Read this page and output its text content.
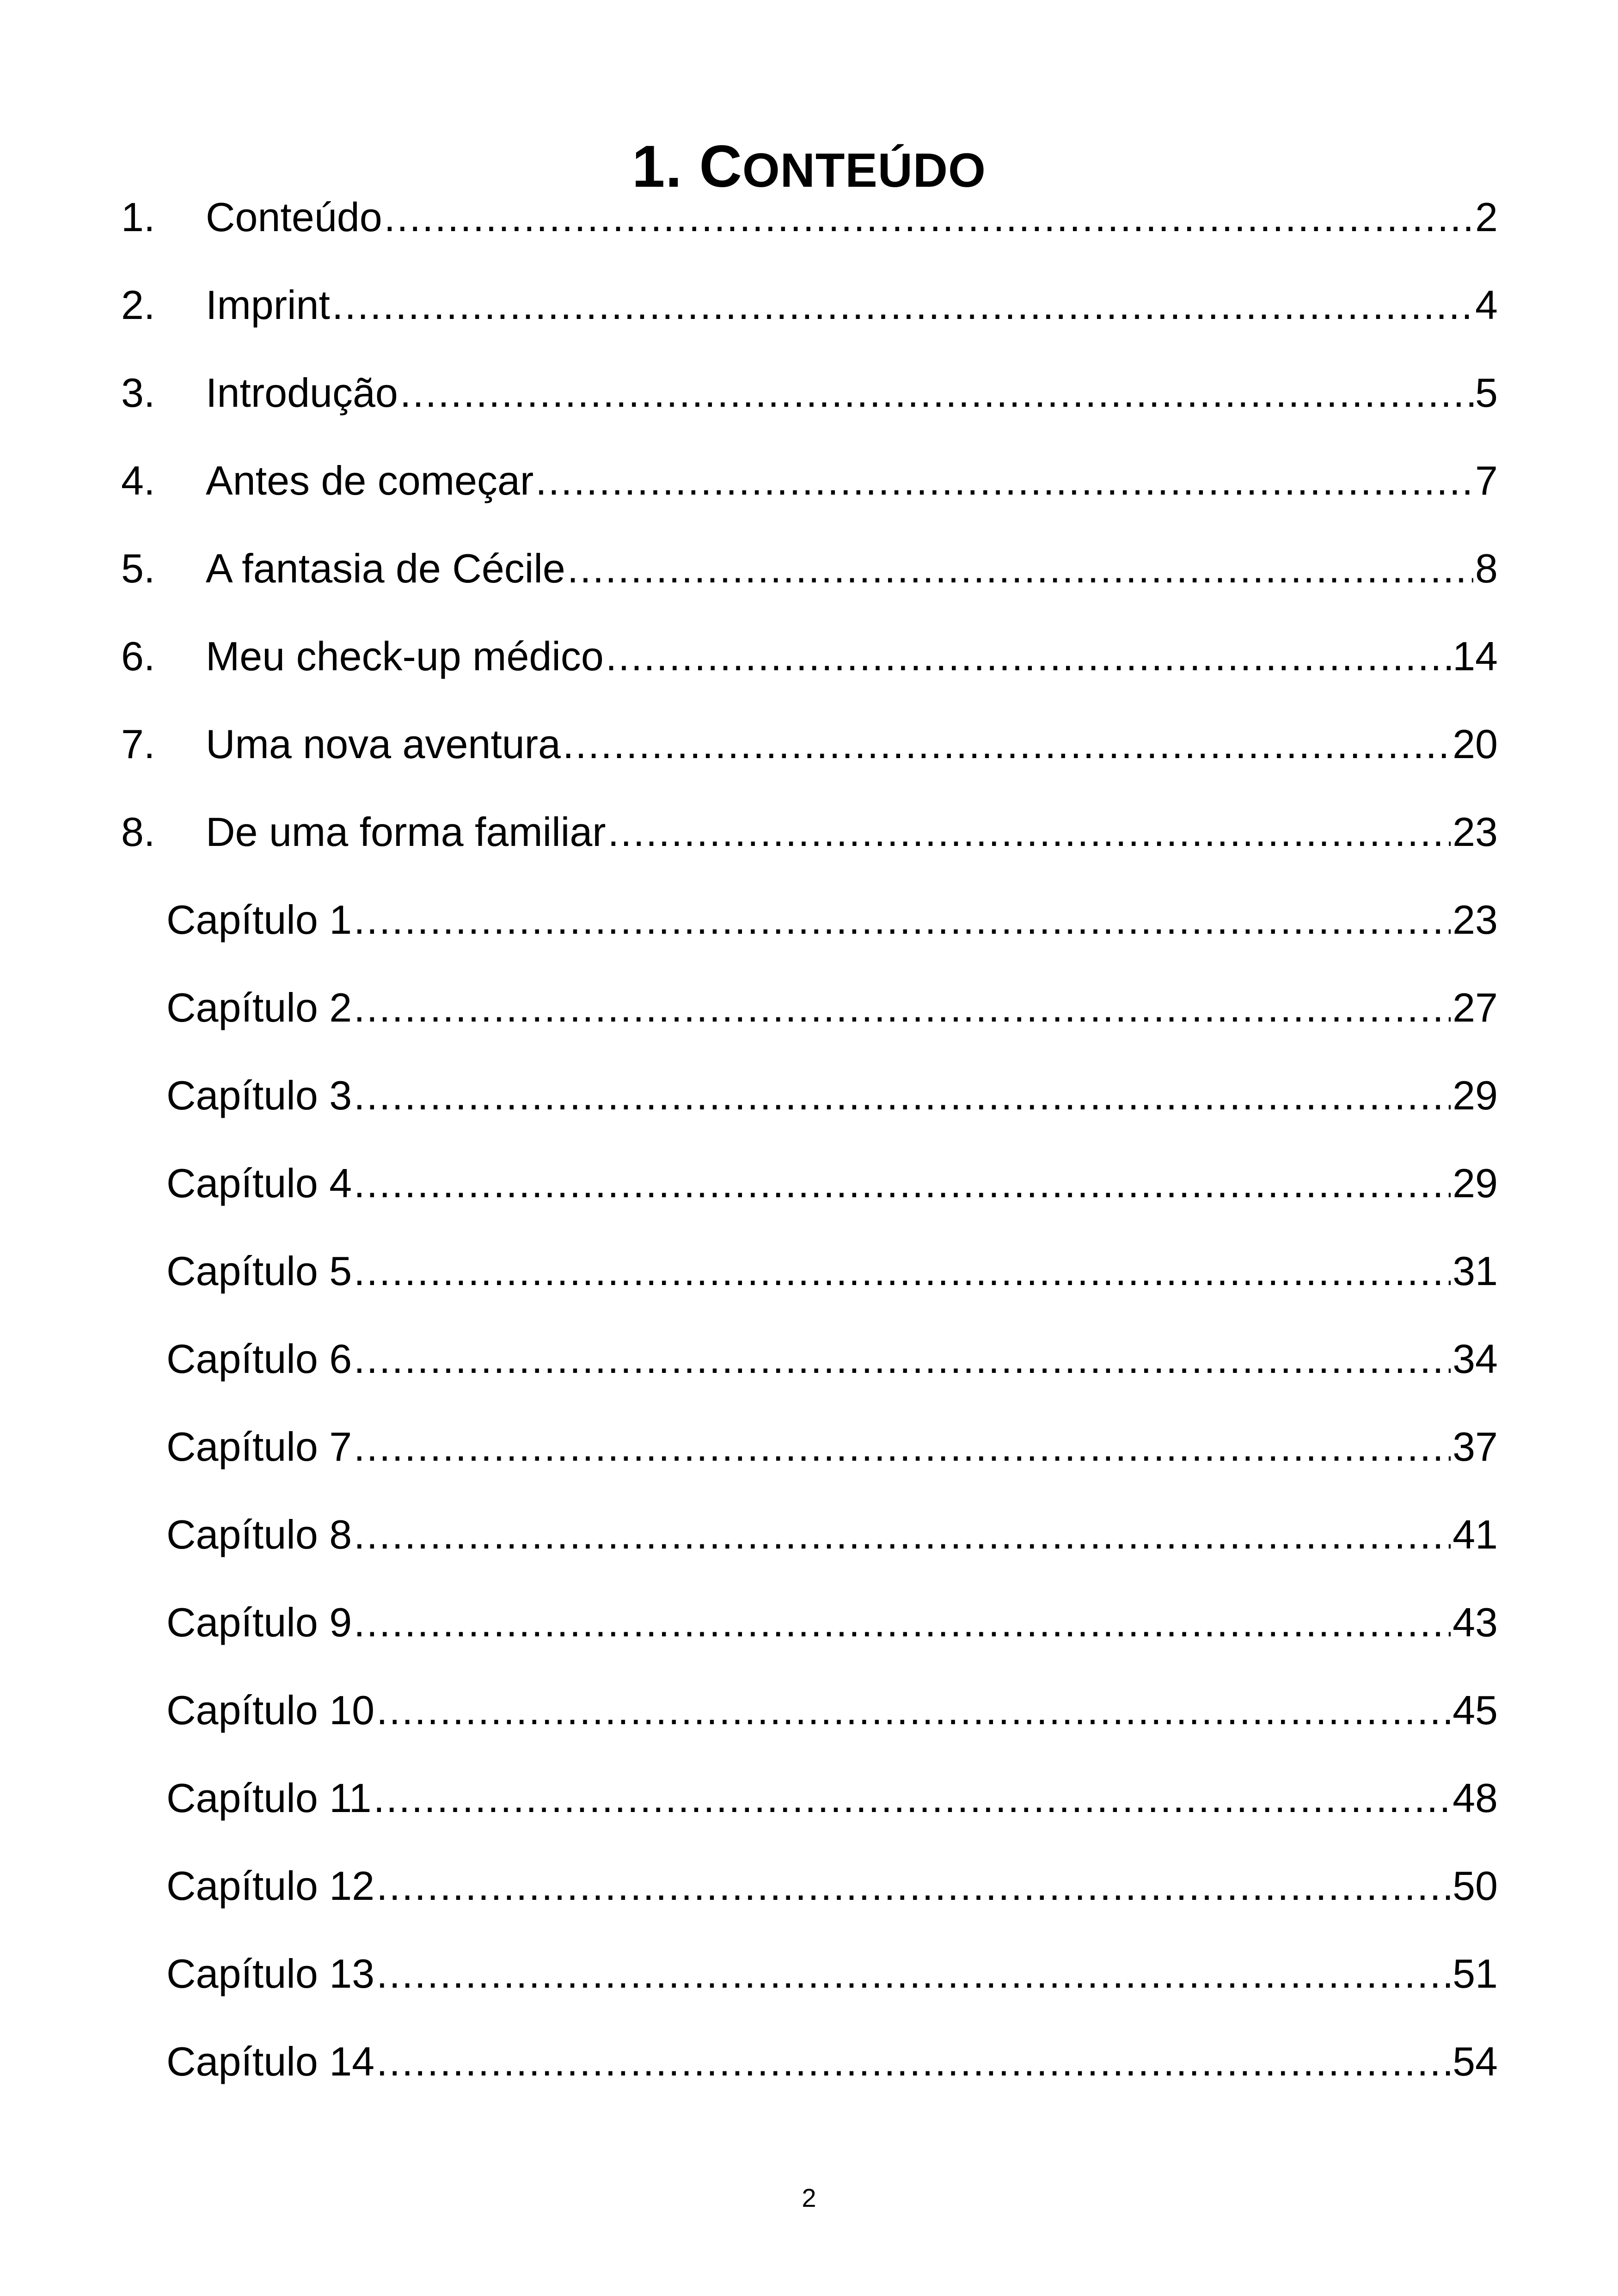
1. CONTEÚDO
1.	Conteúdo .....	2
2.	Imprint .....	4
3.	Introdução .....	5
4.	Antes de começar .....	7
5.	A fantasia de Cécile .....	8
6.	Meu check-up médico .....	14
7.	Uma nova aventura .....	20
8.	De uma forma familiar .....	23
Capítulo 1 .....	23
Capítulo 2 .....	27
Capítulo 3 .....	29
Capítulo 4 .....	29
Capítulo 5 .....	31
Capítulo 6 .....	34
Capítulo 7 .....	37
Capítulo 8 .....	41
Capítulo 9 .....	43
Capítulo 10 .....	45
Capítulo 11 .....	48
Capítulo 12 .....	50
Capítulo 13 .....	51
Capítulo 14 .....	54
2
